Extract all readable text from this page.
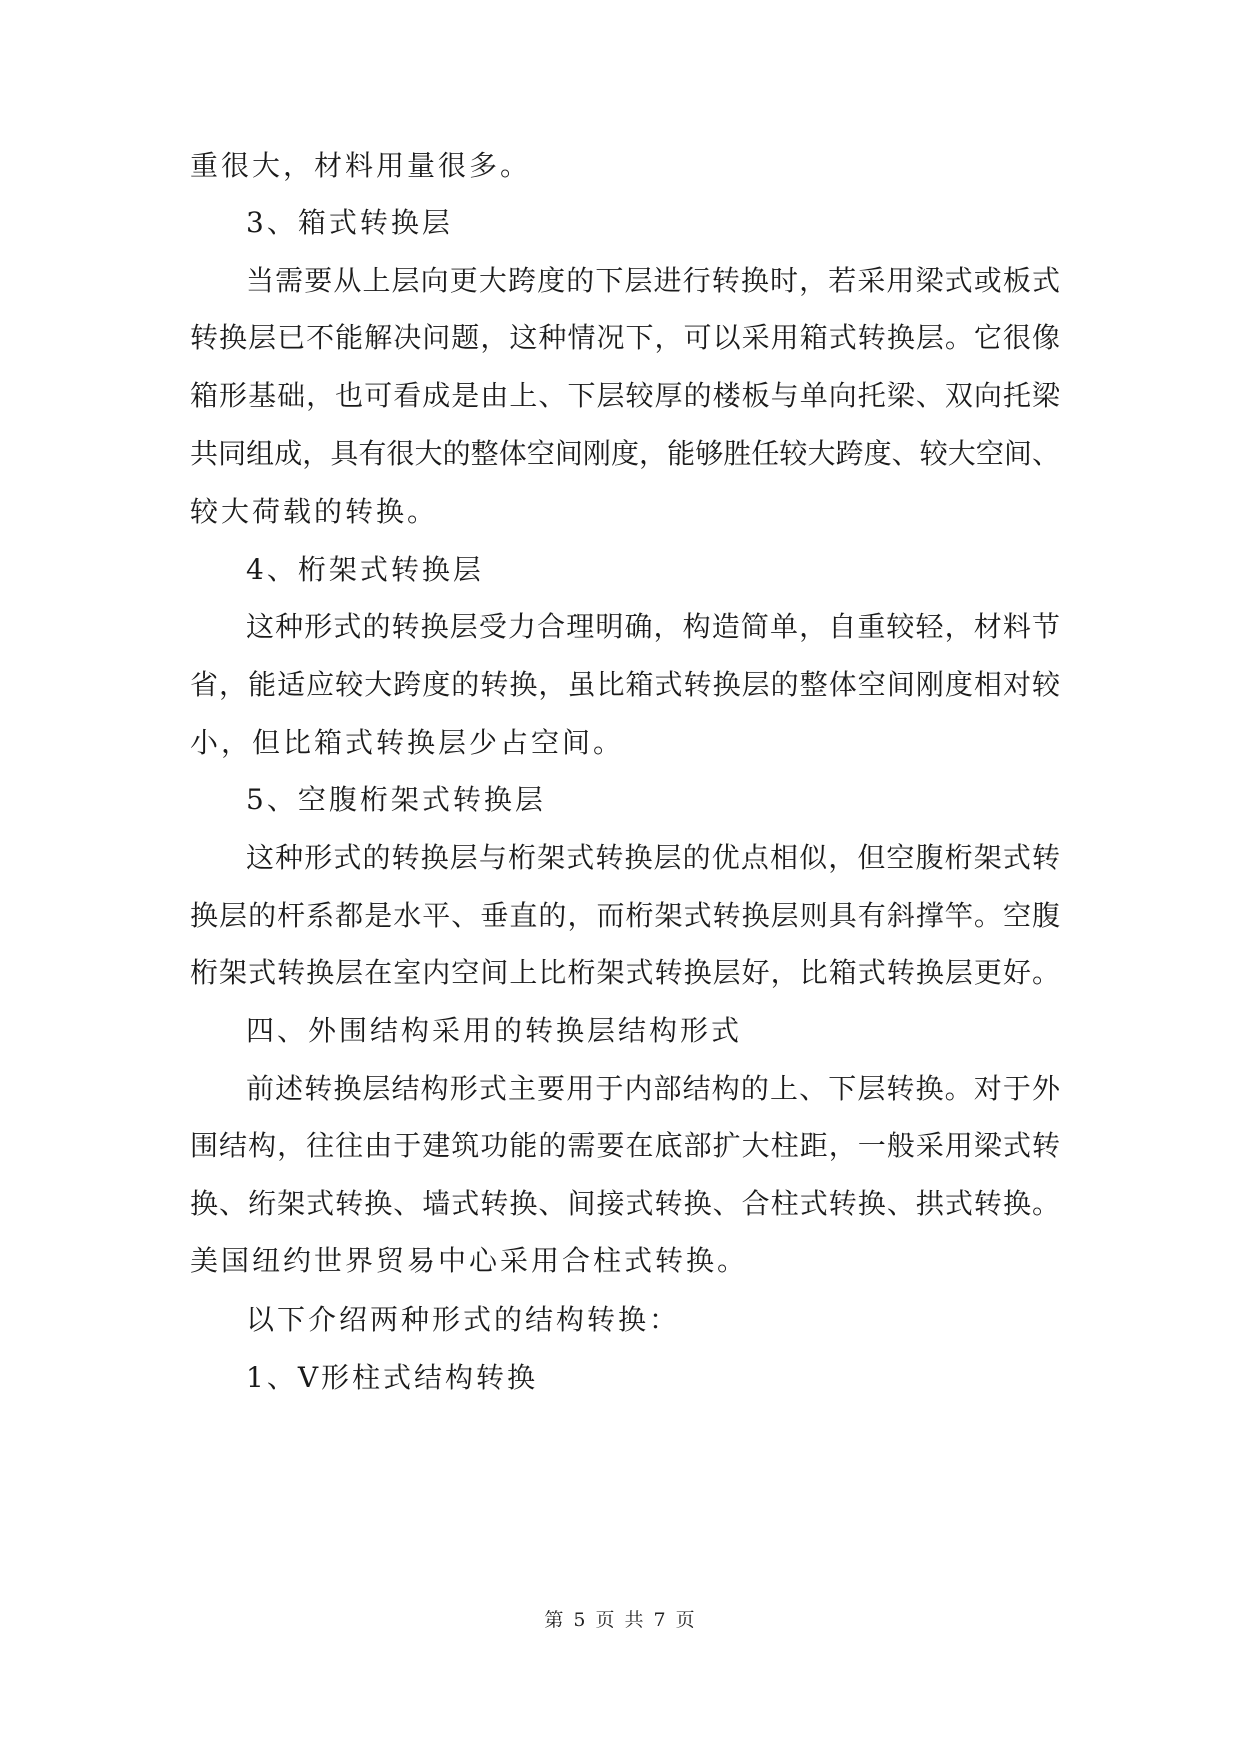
重很大，材料用量很多。
3、箱式转换层
当需要从上层向更大跨度的下层进行转换时，若采用梁式或板式
转换层已不能解决问题，这种情况下，可以采用箱式转换层。它很像
箱形基础，也可看成是由上、下层较厚的楼板与单向托梁、双向托梁
共同组成，具有很大的整体空间刚度，能够胜任较大跨度、较大空间、
较大荷载的转换。
4、桁架式转换层
这种形式的转换层受力合理明确，构造简单，自重较轻，材料节
省，能适应较大跨度的转换，虽比箱式转换层的整体空间刚度相对较
小，但比箱式转换层少占空间。
5、空腹桁架式转换层
这种形式的转换层与桁架式转换层的优点相似，但空腹桁架式转
换层的杆系都是水平、垂直的，而桁架式转换层则具有斜撑竿。空腹
桁架式转换层在室内空间上比桁架式转换层好，比箱式转换层更好。
四、外围结构采用的转换层结构形式
前述转换层结构形式主要用于内部结构的上、下层转换。对于外
围结构，往往由于建筑功能的需要在底部扩大柱距，一般采用梁式转
换、绗架式转换、墙式转换、间接式转换、合柱式转换、拱式转换。
美国纽约世界贸易中心采用合柱式转换。
以下介绍两种形式的结构转换：
1、V形柱式结构转换
第 5 页 共 7 页
